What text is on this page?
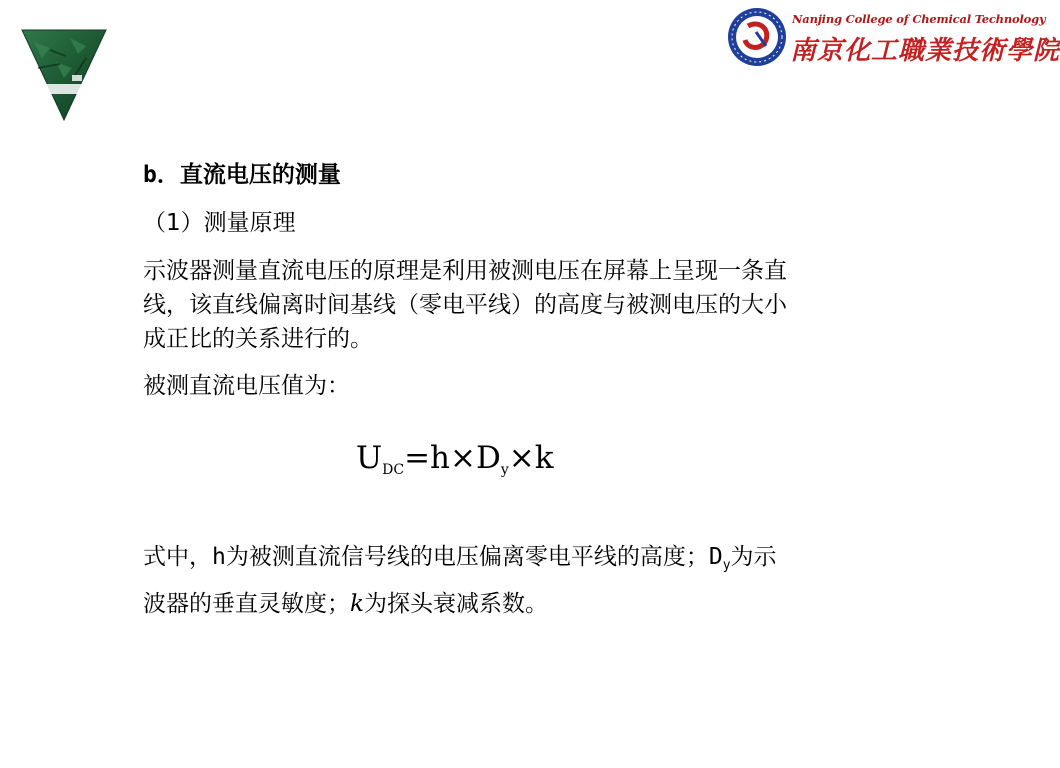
Nanjing College of Chemical Technology
南京化工職業技術學院

b．直流电压的测量

（1）测量原理

示波器测量直流电压的原理是利用被测电压在屏幕上呈现一条直
线，该直线偏离时间基线（零电平线）的高度与被测电压的大小
成正比的关系进行的。

被测直流电压值为：

$U_{DC}=h\times D_y\times k$
式中，h为被测直流信号线的电压偏离零电平线的高度；$D_y$为示
波器的垂直灵敏度；k为探头衰减系数。
